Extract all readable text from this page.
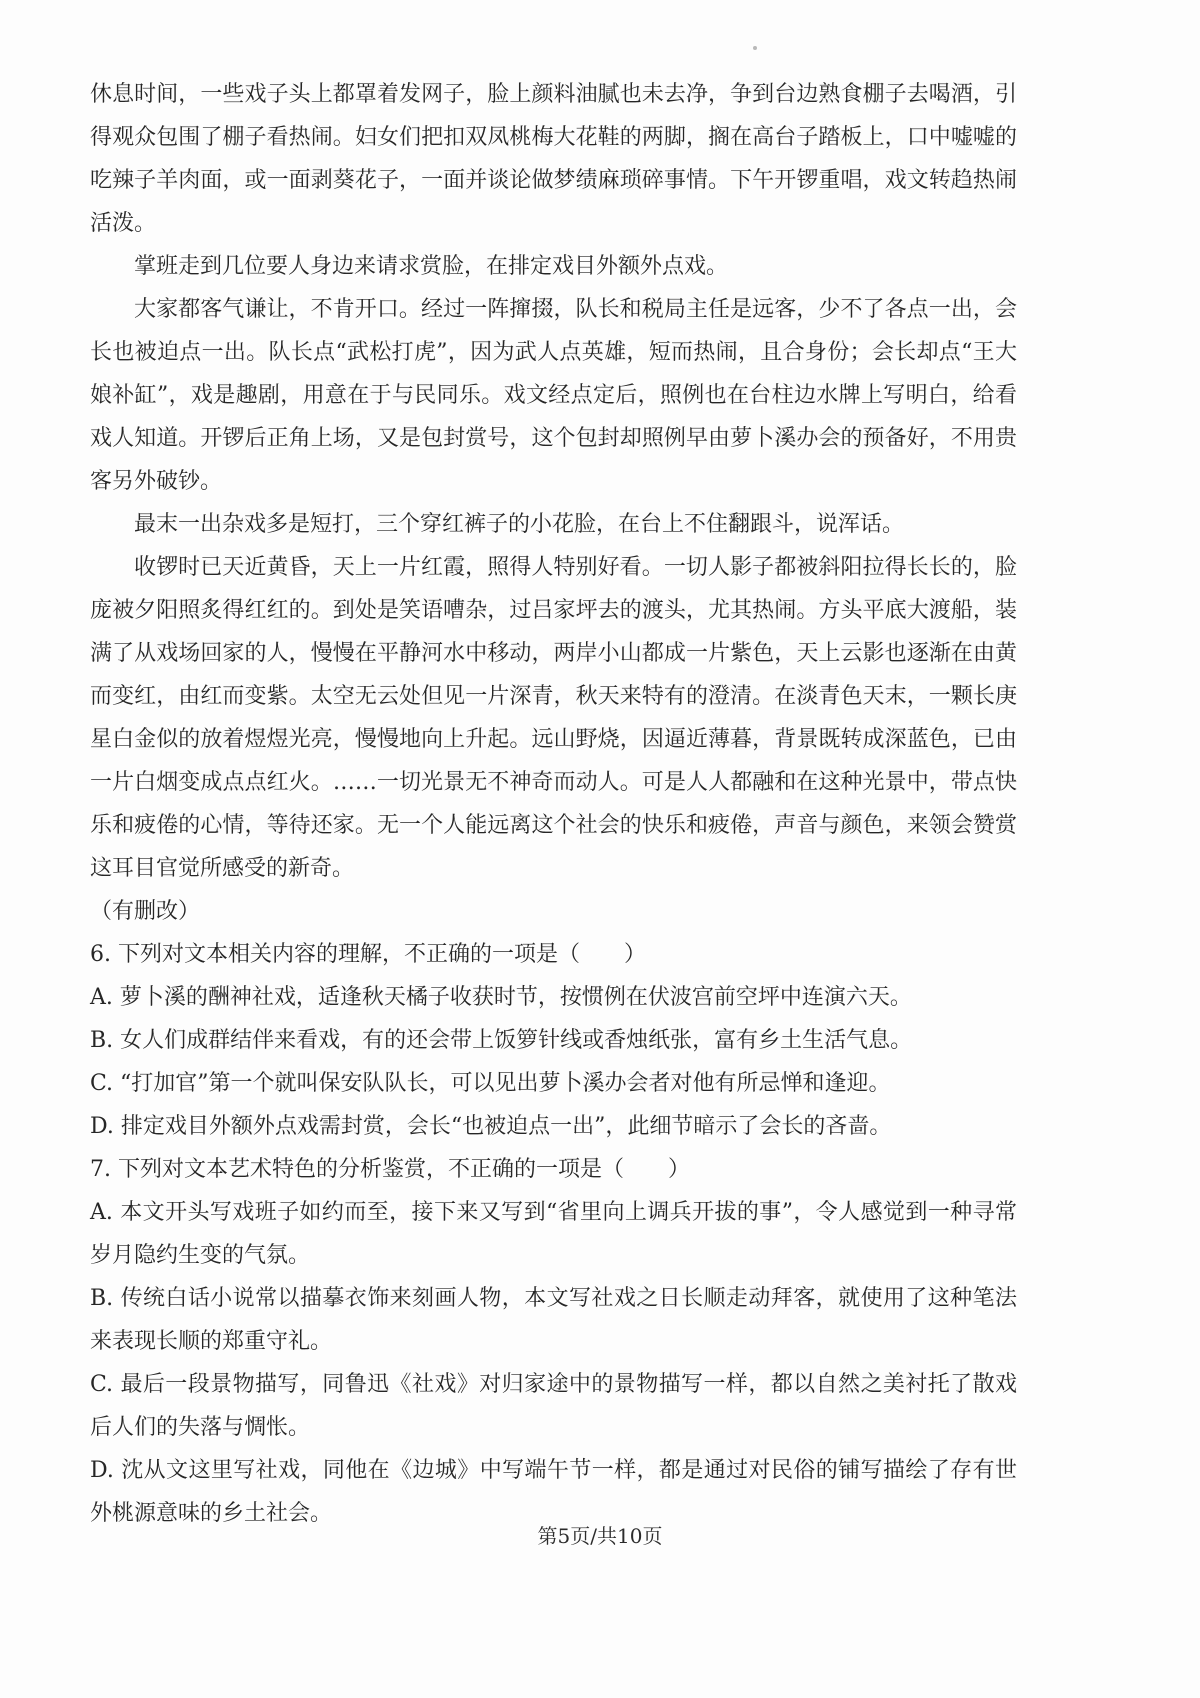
休息时间，一些戏子头上都罩着发网子，脸上颜料油腻也未去净，争到台边熟食棚子去喝酒，引得观众包围了棚子看热闹。妇女们把扣双凤桃梅大花鞋的两脚，搁在高台子踏板上，口中嘘嘘的吃辣子羊肉面，或一面剥葵花子，一面并谈论做梦绩麻琐碎事情。下午开锣重唱，戏文转趋热闹活泼。

掌班走到几位要人身边来请求赏脸，在排定戏目外额外点戏。

大家都客气谦让，不肯开口。经过一阵撺掇，队长和税局主任是远客，少不了各点一出，会长也被迫点一出。队长点“武松打虎”，因为武人点英雄，短而热闹，且合身份；会长却点“王大娘补缸”，戏是趣剧，用意在于与民同乐。戏文经点定后，照例也在台柱边水牌上写明白，给看戏人知道。开锣后正角上场，又是包封赏号，这个包封却照例早由萝卜溪办会的预备好，不用贵客另外破钞。

最末一出杂戏多是短打，三个穿红裤子的小花脸，在台上不住翻跟斗，说浑话。

收锣时已天近黄昏，天上一片红霞，照得人特别好看。一切人影子都被斜阳拉得长长的，脸庞被夕阳照炙得红红的。到处是笑语嘈杂，过吕家坪去的渡头，尤其热闹。方头平底大渡船，装满了从戏场回家的人，慢慢在平静河水中移动，两岸小山都成一片紫色，天上云影也逐渐在由黄而变红，由红而变紫。太空无云处但见一片深青，秋天来特有的澄清。在淡青色天末，一颗长庚星白金似的放着煜煜光亮，慢慢地向上升起。远山野烧，因逼近薄暮，背景既转成深蓝色，已由一片白烟变成点点红火。……一切光景无不神奇而动人。可是人人都融和在这种光景中，带点快乐和疲倦的心情，等待还家。无一个人能远离这个社会的快乐和疲倦，声音与颜色，来领会赞赏这耳目官觉所感受的新奇。

（有删改）

6. 下列对文本相关内容的理解，不正确的一项是（　　）

A. 萝卜溪的酬神社戏，适逢秋天橘子收获时节，按惯例在伏波宫前空坪中连演六天。

B. 女人们成群结伴来看戏，有的还会带上饭箩针线或香烛纸张，富有乡土生活气息。

C. “打加官”第一个就叫保安队队长，可以见出萝卜溪办会者对他有所忌惮和逢迎。

D. 排定戏目外额外点戏需封赏，会长“也被迫点一出”，此细节暗示了会长的吝啬。

7. 下列对文本艺术特色的分析鉴赏，不正确的一项是（　　）

A. 本文开头写戏班子如约而至，接下来又写到“省里向上调兵开拔的事”，令人感觉到一种寻常岁月隐约生变的气氛。

B. 传统白话小说常以描摹衣饰来刻画人物，本文写社戏之日长顺走动拜客，就使用了这种笔法来表现长顺的郑重守礼。

C. 最后一段景物描写，同鲁迅《社戏》对归家途中的景物描写一样，都以自然之美衬托了散戏后人们的失落与惆怅。

D. 沈从文这里写社戏，同他在《边城》中写端午节一样，都是通过对民俗的铺写描绘了存有世外桃源意味的乡土社会。

第5页/共10页
